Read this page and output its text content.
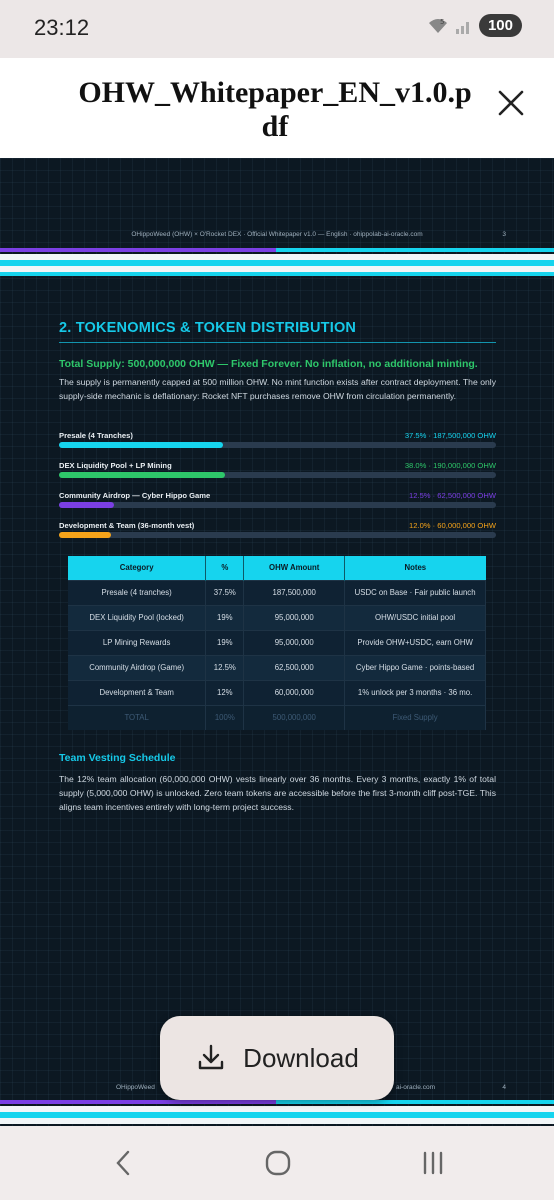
23:12	5	100
OHW_Whitepaper_EN_v1.0.pdf
OHippoWeed (OHW) × O'Rocket DEX · Official Whitepaper v1.0 — English · ohippolab-ai-oracle.com	3
2. TOKENOMICS & TOKEN DISTRIBUTION
Total Supply: 500,000,000 OHW — Fixed Forever. No inflation, no additional minting.
The supply is permanently capped at 500 million OHW. No mint function exists after contract deployment. The only supply-side mechanic is deflationary: Rocket NFT purchases remove OHW from circulation permanently.
Presale (4 Tranches)	37.5% · 187,500,000 OHW
DEX Liquidity Pool + LP Mining	38.0% · 190,000,000 OHW
Community Airdrop — Cyber Hippo Game	12.5% · 62,500,000 OHW
Development & Team (36-month vest)	12.0% · 60,000,000 OHW
Category	%	OHW Amount	Notes
Presale (4 tranches)	37.5%	187,500,000	USDC on Base · Fair public launch
DEX Liquidity Pool (locked)	19%	95,000,000	OHW/USDC initial pool
LP Mining Rewards	19%	95,000,000	Provide OHW+USDC, earn OHW
Community Airdrop (Game)	12.5%	62,500,000	Cyber Hippo Game · points-based
Development & Team	12%	60,000,000	1% unlock per 3 months · 36 mo.
TOTAL	100%	500,000,000	Fixed Supply
Team Vesting Schedule
The 12% team allocation (60,000,000 OHW) vests linearly over 36 months. Every 3 months, exactly 1% of total supply (5,000,000 OHW) is unlocked. Zero team tokens are accessible before the first 3-month cliff post-TGE. This aligns team incentives entirely with long-term project success.
OHippoWeed	ai-oracle.com	4
Download
